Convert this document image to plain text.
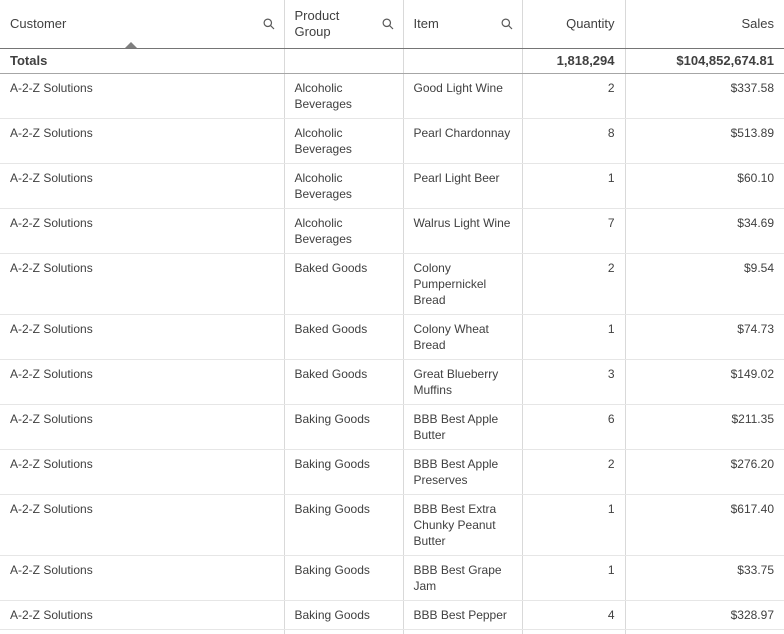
Customer	Product Group	Item	Quantity	Sales

Totals			1,818,294	$104,852,674.81
A-2-Z Solutions	Alcoholic Beverages	Good Light Wine	2	$337.58
A-2-Z Solutions	Alcoholic Beverages	Pearl Chardonnay	8	$513.89
A-2-Z Solutions	Alcoholic Beverages	Pearl Light Beer	1	$60.10
A-2-Z Solutions	Alcoholic Beverages	Walrus Light Wine	7	$34.69
A-2-Z Solutions	Baked Goods	Colony Pumpernickel Bread	2	$9.54
A-2-Z Solutions	Baked Goods	Colony Wheat Bread	1	$74.73
A-2-Z Solutions	Baked Goods	Great Blueberry Muffins	3	$149.02
A-2-Z Solutions	Baking Goods	BBB Best Apple Butter	6	$211.35
A-2-Z Solutions	Baking Goods	BBB Best Apple Preserves	2	$276.20
A-2-Z Solutions	Baking Goods	BBB Best Extra Chunky Peanut Butter	1	$617.40
A-2-Z Solutions	Baking Goods	BBB Best Grape Jam	1	$33.75
A-2-Z Solutions	Baking Goods	BBB Best Pepper	4	$328.97
